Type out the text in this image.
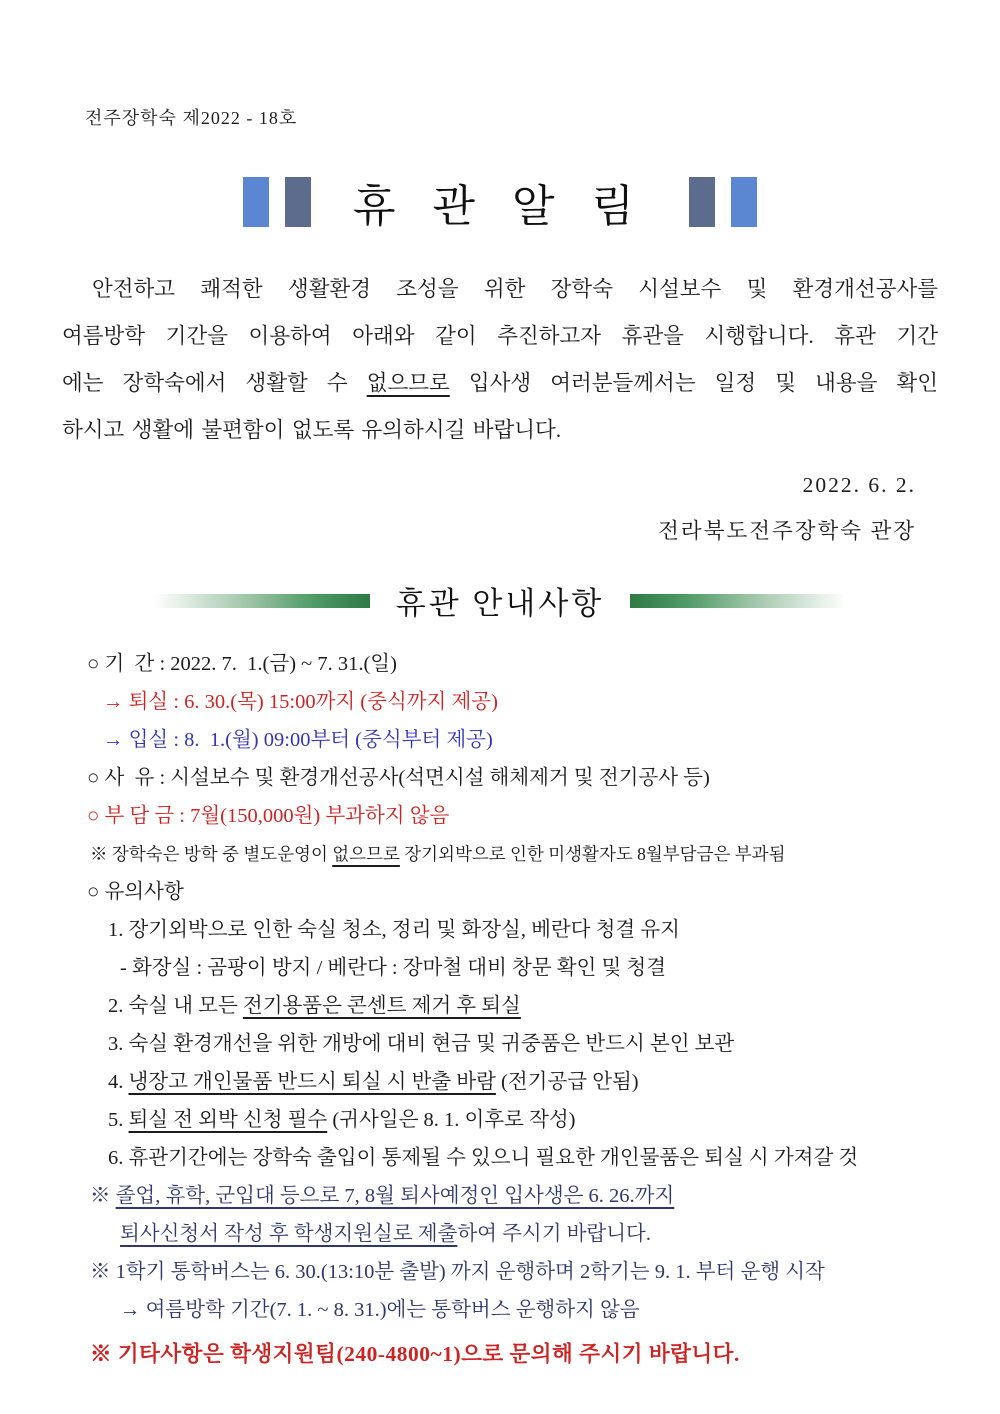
전주장학숙 제2022 - 18호
휴 관 알 림
안전하고 쾌적한 생활환경 조성을 위한 장학숙 시설보수 및 환경개선공사를
여름방학 기간을 이용하여 아래와 같이 추진하고자 휴관을 시행합니다. 휴관 기간
에는 장학숙에서 생활할 수 없으므로 입사생 여러분들께서는 일정 및 내용을 확인
하시고 생활에 불편함이 없도록 유의하시길 바랍니다.
2022. 6. 2.
전라북도전주장학숙 관장
휴관 안내사항
○ 기  간 : 2022. 7.  1.(금) ~ 7. 31.(일)
→ 퇴실 : 6. 30.(목) 15:00까지 (중식까지 제공)
→ 입실 : 8.  1.(월) 09:00부터 (중식부터 제공)
○ 사  유 : 시설보수 및 환경개선공사(석면시설 해체제거 및 전기공사 등)
○ 부 담 금 : 7월(150,000원) 부과하지 않음
※ 장학숙은 방학 중 별도운영이 없으므로 장기외박으로 인한 미생활자도 8월부담금은 부과됨
○ 유의사항
1. 장기외박으로 인한 숙실 청소, 정리 및 화장실, 베란다 청결 유지
- 화장실 : 곰팡이 방지 / 베란다 : 장마철 대비 창문 확인 및 청결
2. 숙실 내 모든 전기용품은 콘센트 제거 후 퇴실
3. 숙실 환경개선을 위한 개방에 대비 현금 및 귀중품은 반드시 본인 보관
4. 냉장고 개인물품 반드시 퇴실 시 반출 바람 (전기공급 안됨)
5. 퇴실 전 외박 신청 필수 (귀사일은 8. 1. 이후로 작성)
6. 휴관기간에는 장학숙 출입이 통제될 수 있으니 필요한 개인물품은 퇴실 시 가져갈 것
※ 졸업, 휴학, 군입대 등으로 7, 8월 퇴사예정인 입사생은 6. 26.까지
퇴사신청서 작성 후 학생지원실로 제출하여 주시기 바랍니다.
※ 1학기 통학버스는 6. 30.(13:10분 출발) 까지 운행하며 2학기는 9. 1. 부터 운행 시작
→ 여름방학 기간(7. 1. ~ 8. 31.)에는 통학버스 운행하지 않음
※ 기타사항은 학생지원팀(240-4800~1)으로 문의해 주시기 바랍니다.
